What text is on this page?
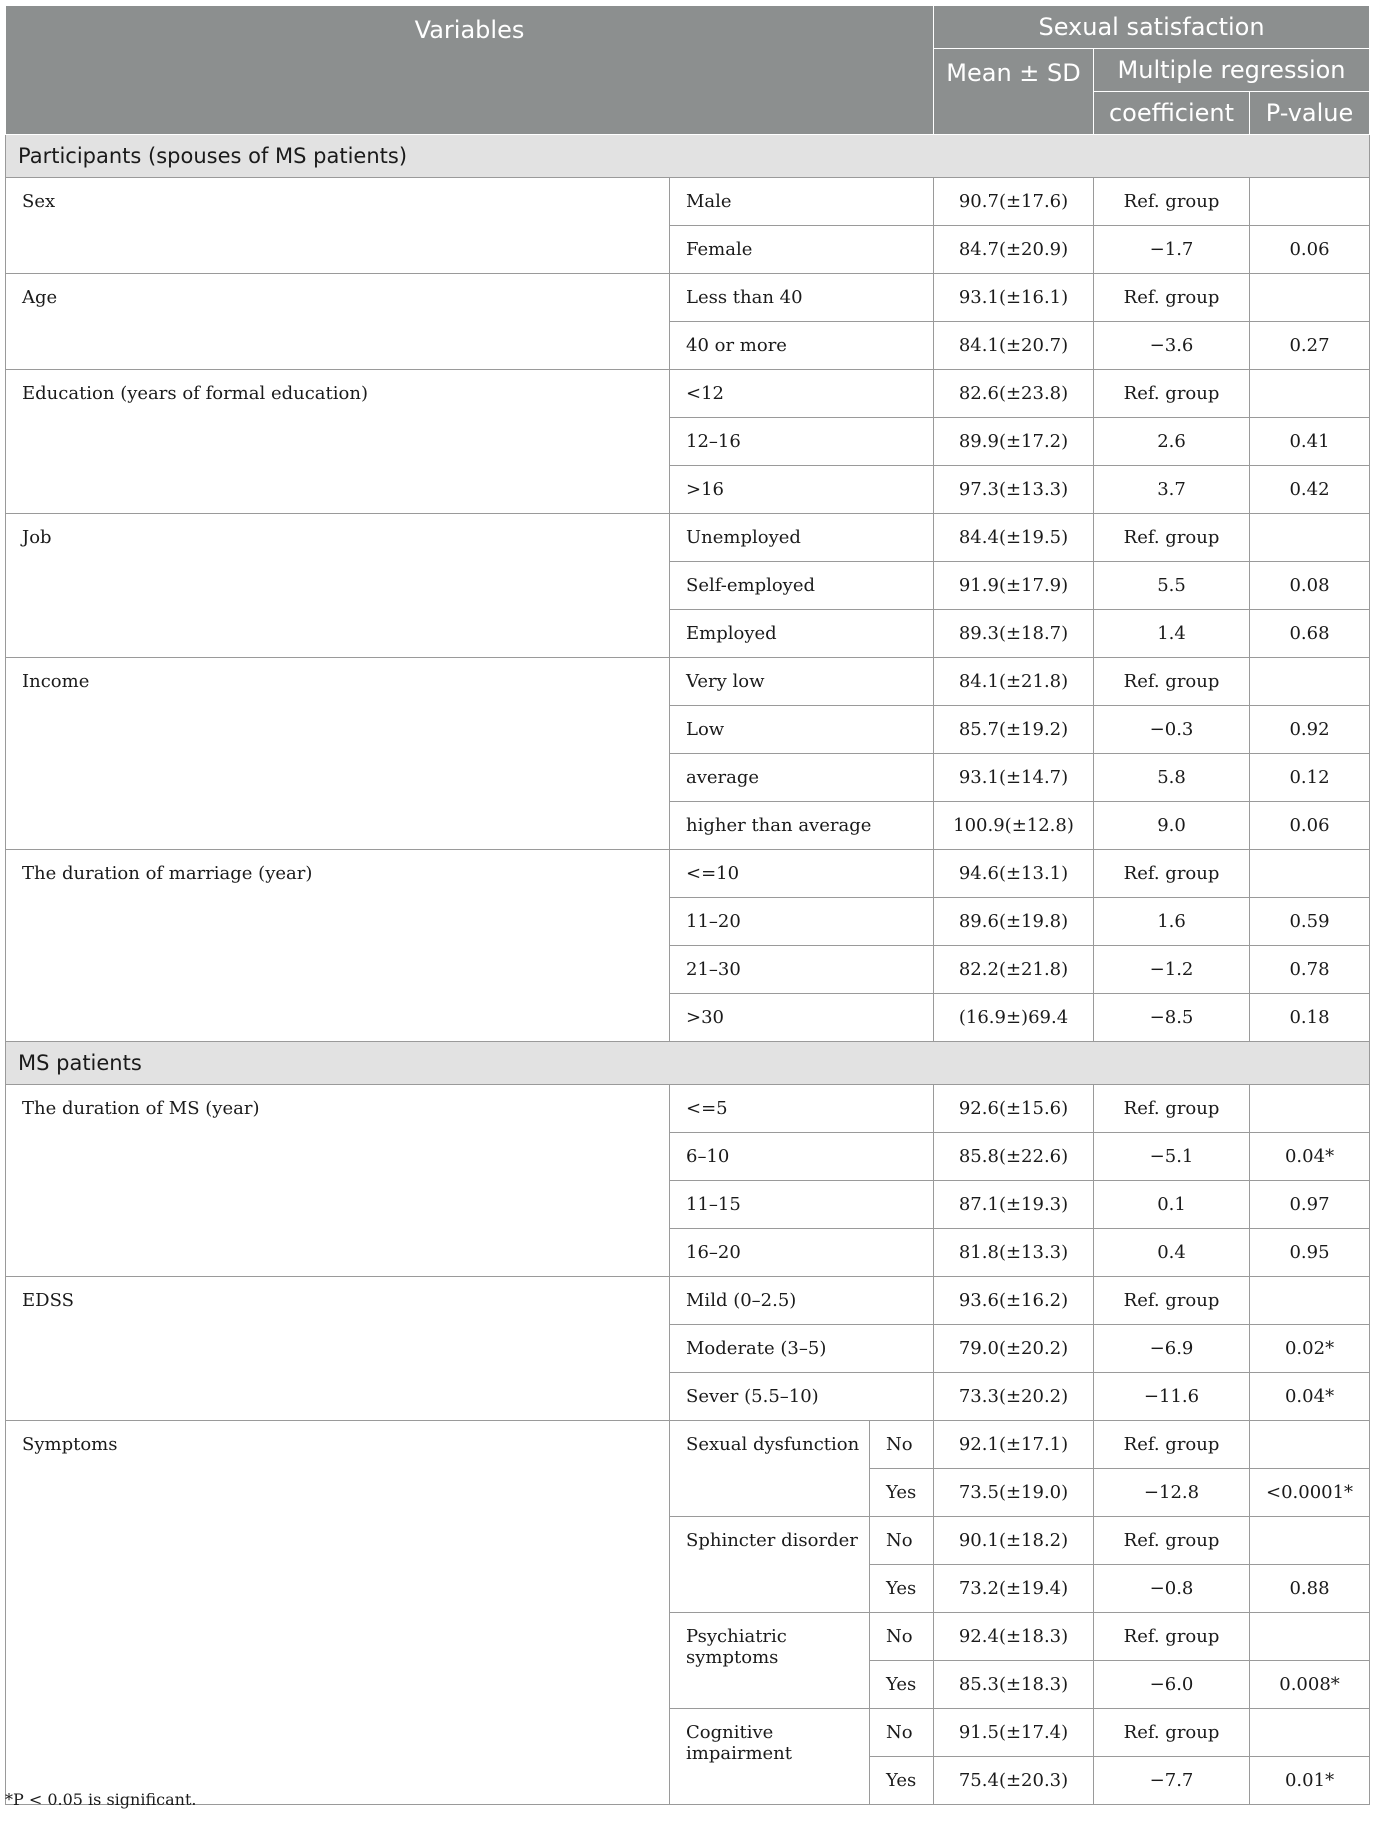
Variables			Sexual satisfaction		
			Mean ± SD	Multiple regression	
				coefficient	P-value
Participants (spouses of MS patients)					
Sex	Male		90.7(±17.6)	Ref. group	
	Female		84.7(±20.9)	−1.7	0.06
Age	Less than 40		93.1(±16.1)	Ref. group	
	40 or more		84.1(±20.7)	−3.6	0.27
Education (years of formal education)	<12		82.6(±23.8)	Ref. group	
	12–16		89.9(±17.2)	2.6	0.41
	>16		97.3(±13.3)	3.7	0.42
Job	Unemployed		84.4(±19.5)	Ref. group	
	Self-employed		91.9(±17.9)	5.5	0.08
	Employed		89.3(±18.7)	1.4	0.68
Income	Very low		84.1(±21.8)	Ref. group	
	Low		85.7(±19.2)	−0.3	0.92
	average		93.1(±14.7)	5.8	0.12
	higher than average		100.9(±12.8)	9.0	0.06
The duration of marriage (year)	<=10		94.6(±13.1)	Ref. group	
	11–20		89.6(±19.8)	1.6	0.59
	21–30		82.2(±21.8)	−1.2	0.78
	>30		(16.9±)69.4	−8.5	0.18
MS patients					
The duration of MS (year)	<=5		92.6(±15.6)	Ref. group	
	6–10		85.8(±22.6)	−5.1	0.04*
	11–15		87.1(±19.3)	0.1	0.97
	16–20		81.8(±13.3)	0.4	0.95
EDSS	Mild (0–2.5)		93.6(±16.2)	Ref. group	
	Moderate (3–5)		79.0(±20.2)	−6.9	0.02*
	Sever (5.5–10)		73.3(±20.2)	−11.6	0.04*
Symptoms	Sexual dysfunction	No	92.1(±17.1)	Ref. group	
		Yes	73.5(±19.0)	−12.8	<0.0001*
	Sphincter disorder	No	90.1(±18.2)	Ref. group	
		Yes	73.2(±19.4)	−0.8	0.88
	Psychiatric symptoms	No	92.4(±18.3)	Ref. group	
		Yes	85.3(±18.3)	−6.0	0.008*
	Cognitive impairment	No	91.5(±17.4)	Ref. group	
		Yes	75.4(±20.3)	−7.7	0.01*
*P < 0.05 is significant.
